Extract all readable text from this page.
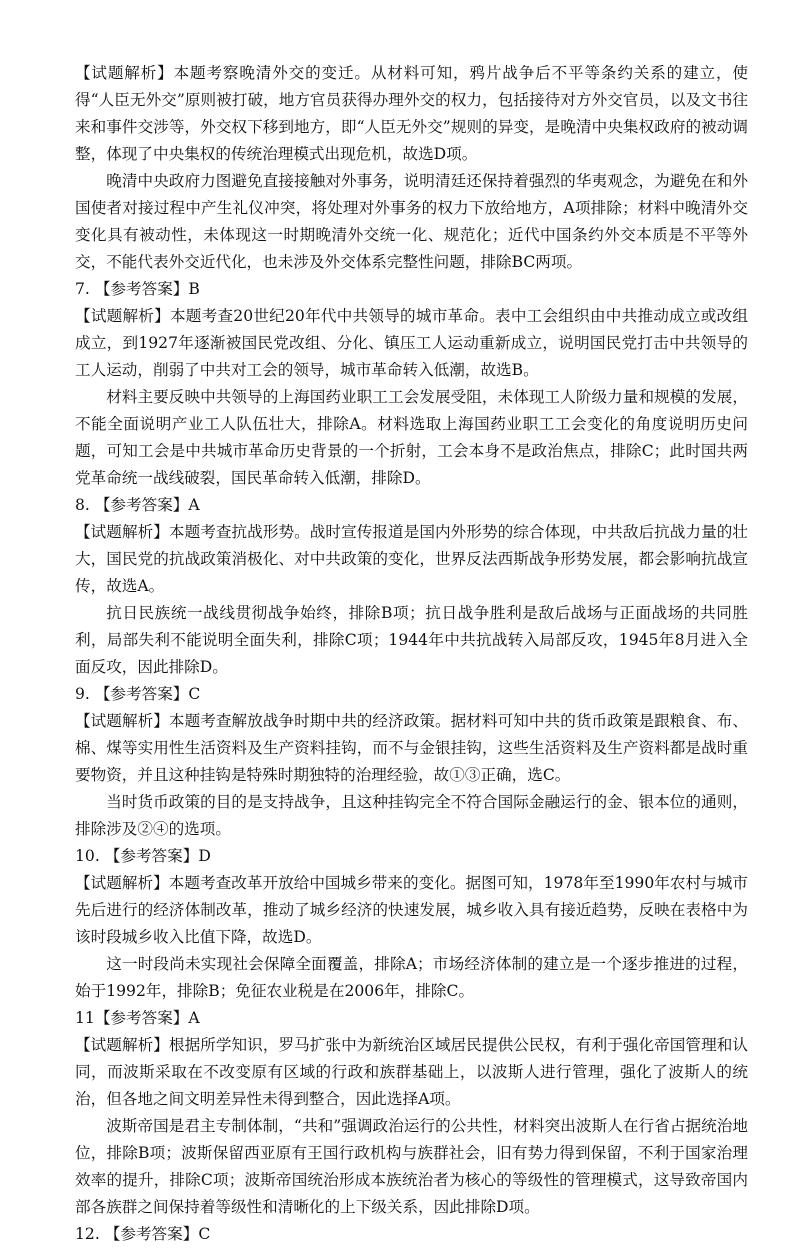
【试题解析】本题考察晚清外交的变迁。从材料可知，鸦片战争后不平等条约关系的建立，使得“人臣无外交”原则被打破，地方官员获得办理外交的权力，包括接待对方外交官员，以及文书往来和事件交涉等，外交权下移到地方，即“人臣无外交”规则的异变，是晚清中央集权政府的被动调整，体现了中央集权的传统治理模式出现危机，故选D项。

晚清中央政府力图避免直接接触对外事务，说明清廷还保持着强烈的华夷观念，为避免在和外国使者对接过程中产生礼仪冲突，将处理对外事务的权力下放给地方，A项排除；材料中晚清外交变化具有被动性，未体现这一时期晚清外交统一化、规范化；近代中国条约外交本质是不平等外交，不能代表外交近代化，也未涉及外交体系完整性问题，排除BC两项。

7. 【参考答案】B

【试题解析】本题考查20世纪20年代中共领导的城市革命。表中工会组织由中共推动成立或改组成立，到1927年逐渐被国民党改组、分化、镇压工人运动重新成立，说明国民党打击中共领导的工人运动，削弱了中共对工会的领导，城市革命转入低潮，故选B。

材料主要反映中共领导的上海国药业职工工会发展受阻，未体现工人阶级力量和规模的发展，不能全面说明产业工人队伍壮大，排除A。材料选取上海国药业职工工会变化的角度说明历史问题，可知工会是中共城市革命历史背景的一个折射，工会本身不是政治焦点，排除C；此时国共两党革命统一战线破裂，国民革命转入低潮，排除D。

8. 【参考答案】A

【试题解析】本题考查抗战形势。战时宣传报道是国内外形势的综合体现，中共敌后抗战力量的壮大，国民党的抗战政策消极化、对中共政策的变化，世界反法西斯战争形势发展，都会影响抗战宣传，故选A。

抗日民族统一战线贯彻战争始终，排除B项；抗日战争胜利是敌后战场与正面战场的共同胜利，局部失利不能说明全面失利，排除C项；1944年中共抗战转入局部反攻，1945年8月进入全面反攻，因此排除D。

9. 【参考答案】C

【试题解析】本题考查解放战争时期中共的经济政策。据材料可知中共的货币政策是跟粮食、布、棉、煤等实用性生活资料及生产资料挂钩，而不与金银挂钩，这些生活资料及生产资料都是战时重要物资，并且这种挂钩是特殊时期独特的治理经验，故①③正确，选C。

当时货币政策的目的是支持战争，且这种挂钩完全不符合国际金融运行的金、银本位的通则，排除涉及②④的选项。

10. 【参考答案】D

【试题解析】本题考查改革开放给中国城乡带来的变化。据图可知，1978年至1990年农村与城市先后进行的经济体制改革，推动了城乡经济的快速发展，城乡收入具有接近趋势，反映在表格中为该时段城乡收入比值下降，故选D。

这一时段尚未实现社会保障全面覆盖，排除A；市场经济体制的建立是一个逐步推进的过程，始于1992年，排除B；免征农业税是在2006年，排除C。

11【参考答案】A

【试题解析】根据所学知识，罗马扩张中为新统治区域居民提供公民权，有利于强化帝国管理和认同，而波斯采取在不改变原有区域的行政和族群基础上，以波斯人进行管理，强化了波斯人的统治，但各地之间文明差异性未得到整合，因此选择A项。

波斯帝国是君主专制体制，“共和”强调政治运行的公共性，材料突出波斯人在行省占据统治地位，排除B项；波斯保留西亚原有王国行政机构与族群社会，旧有势力得到保留，不利于国家治理效率的提升，排除C项；波斯帝国统治形成本族统治者为核心的等级性的管理模式，这导致帝国内部各族群之间保持着等级性和清晰化的上下级关系，因此排除D项。

12. 【参考答案】C
